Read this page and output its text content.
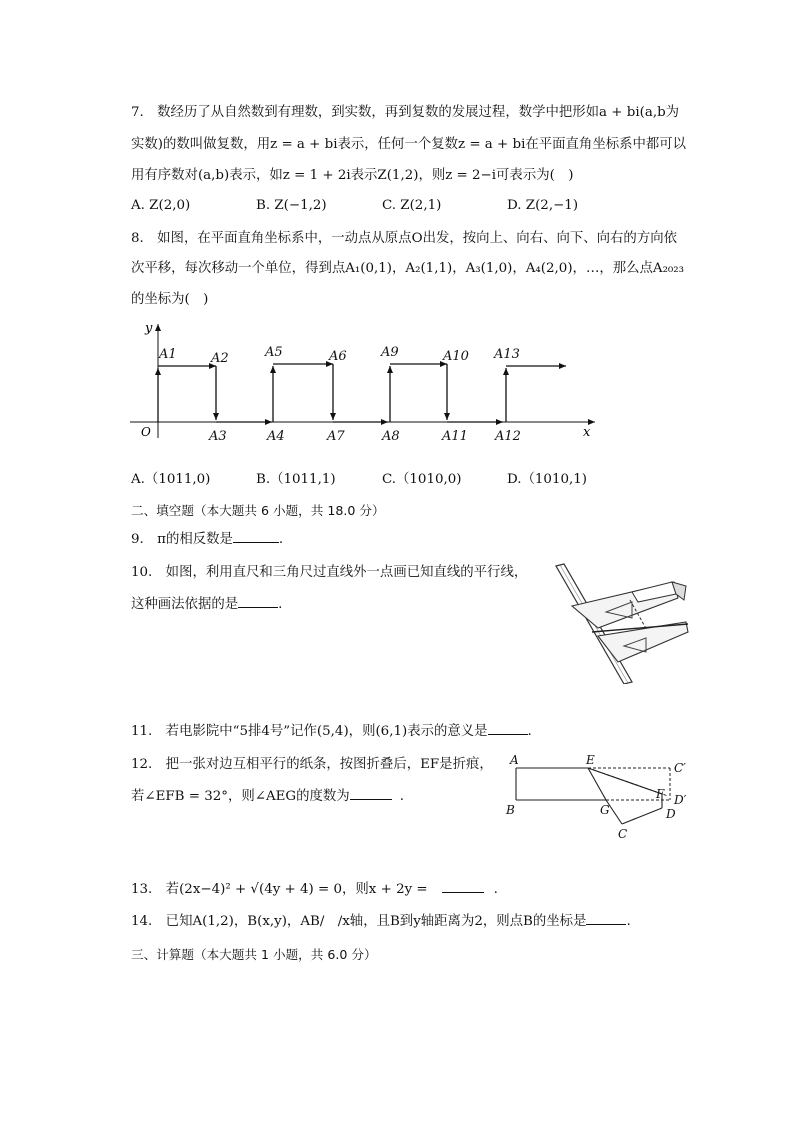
7.　数经历了从自然数到有理数，到实数，再到复数的发展过程，数学中把形如a + bi(a,b为
实数)的数叫做复数，用z = a + bi表示，任何一个复数z = a + bi在平面直角坐标系中都可以
用有序数对(a,b)表示，如z = 1 + 2i表示Z(1,2)，则z = 2−i可表示为(　)
A. Z(2,0)	B. Z(−1,2)	C. Z(2,1)	D. Z(2,−1)
8.　如图，在平面直角坐标系中，一动点从原点O出发，按向上、向右、向下、向右的方向依
次平移，每次移动一个单位，得到点A₁(0,1)，A₂(1,1)，A₃(1,0)，A₄(2,0)，…，那么点A₂₀₂₃
的坐标为(　)
y
x
O
A1	A2
A3	A4
A5	A6
A7	A8
A9	A10
A11 A12
A13
A.（1011,0)	B.（1011,1)	C.（1010,0)	D.（1010,1)
二、填空题（本大题共 6 小题，共 18.0 分）
9.　π的相反数是	.
10.　如图，利用直尺和三角尺过直线外一点画已知直线的平行线，
这种画法依据的是	.
11.　若电影院中“5排4号”记作(5,4)，则(6,1)表示的意义是	.
12.　把一张对边互相平行的纸条，按图折叠后，EF是折痕，
若∠EFB = 32°，则∠AEG的度数为	.
A	E
C′
F D′
B	G	D
C
13.　若(2x−4)² + √(4y + 4) = 0，则x + 2y =	.
14.　已知A(1,2)，B(x,y)，AB/　/x轴，且B到y轴距离为2，则点B的坐标是	.
三、计算题（本大题共 1 小题，共 6.0 分）
